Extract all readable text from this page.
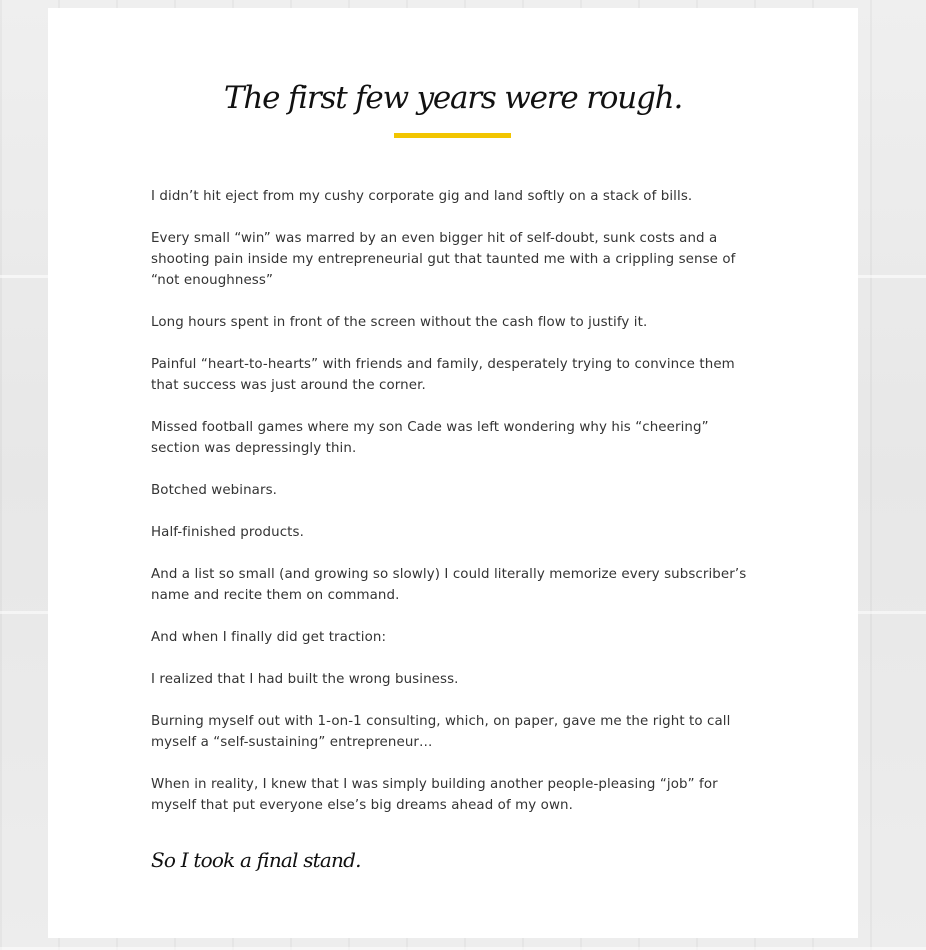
The first few years were rough.

I didn’t hit eject from my cushy corporate gig and land softly on a stack of bills.

Every small “win” was marred by an even bigger hit of self-doubt, sunk costs and a shooting pain inside my entrepreneurial gut that taunted me with a crippling sense of “not enoughness”

Long hours spent in front of the screen without the cash flow to justify it.

Painful “heart-to-hearts” with friends and family, desperately trying to convince them that success was just around the corner.

Missed football games where my son Cade was left wondering why his “cheering” section was depressingly thin.

Botched webinars.

Half-finished products.

And a list so small (and growing so slowly) I could literally memorize every subscriber’s name and recite them on command.

And when I finally did get traction:

I realized that I had built the wrong business.

Burning myself out with 1-on-1 consulting, which, on paper, gave me the right to call myself a “self-sustaining” entrepreneur…

When in reality, I knew that I was simply building another people-pleasing “job” for myself that put everyone else’s big dreams ahead of my own.

So I took a final stand.
